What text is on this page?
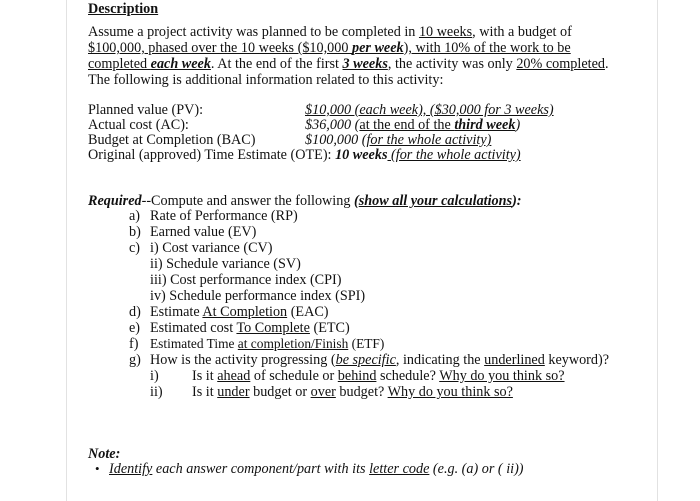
Description
Assume a project activity was planned to be completed in 10 weeks, with a budget of
$100,000, phased over the 10 weeks ($10,000 per week), with 10% of the work to be
completed each week. At the end of the first 3 weeks, the activity was only 20% completed.
The following is additional information related to this activity:
Planned value (PV):	$10,000 (each week), ($30,000 for 3 weeks)
Actual cost (AC):	$36,000 (at the end of the third week)
Budget at Completion (BAC)	$100,000 (for the whole activity)
Original (approved) Time Estimate (OTE): 10 weeks (for the whole activity)
Required--Compute and answer the following (show all your calculations):
a) Rate of Performance (RP)
b) Earned value (EV)
c) i) Cost variance (CV)
ii) Schedule variance (SV)
iii) Cost performance index (CPI)
iv) Schedule performance index (SPI)
d) Estimate At Completion (EAC)
e) Estimated cost To Complete (ETC)
f) Estimated Time at completion/Finish (ETF)
g) How is the activity progressing (be specific, indicating the underlined keyword)?
i) Is it ahead of schedule or behind schedule? Why do you think so?
ii) Is it under budget or over budget? Why do you think so?
Note:
• Identify each answer component/part with its letter code (e.g. (a) or ( ii))
